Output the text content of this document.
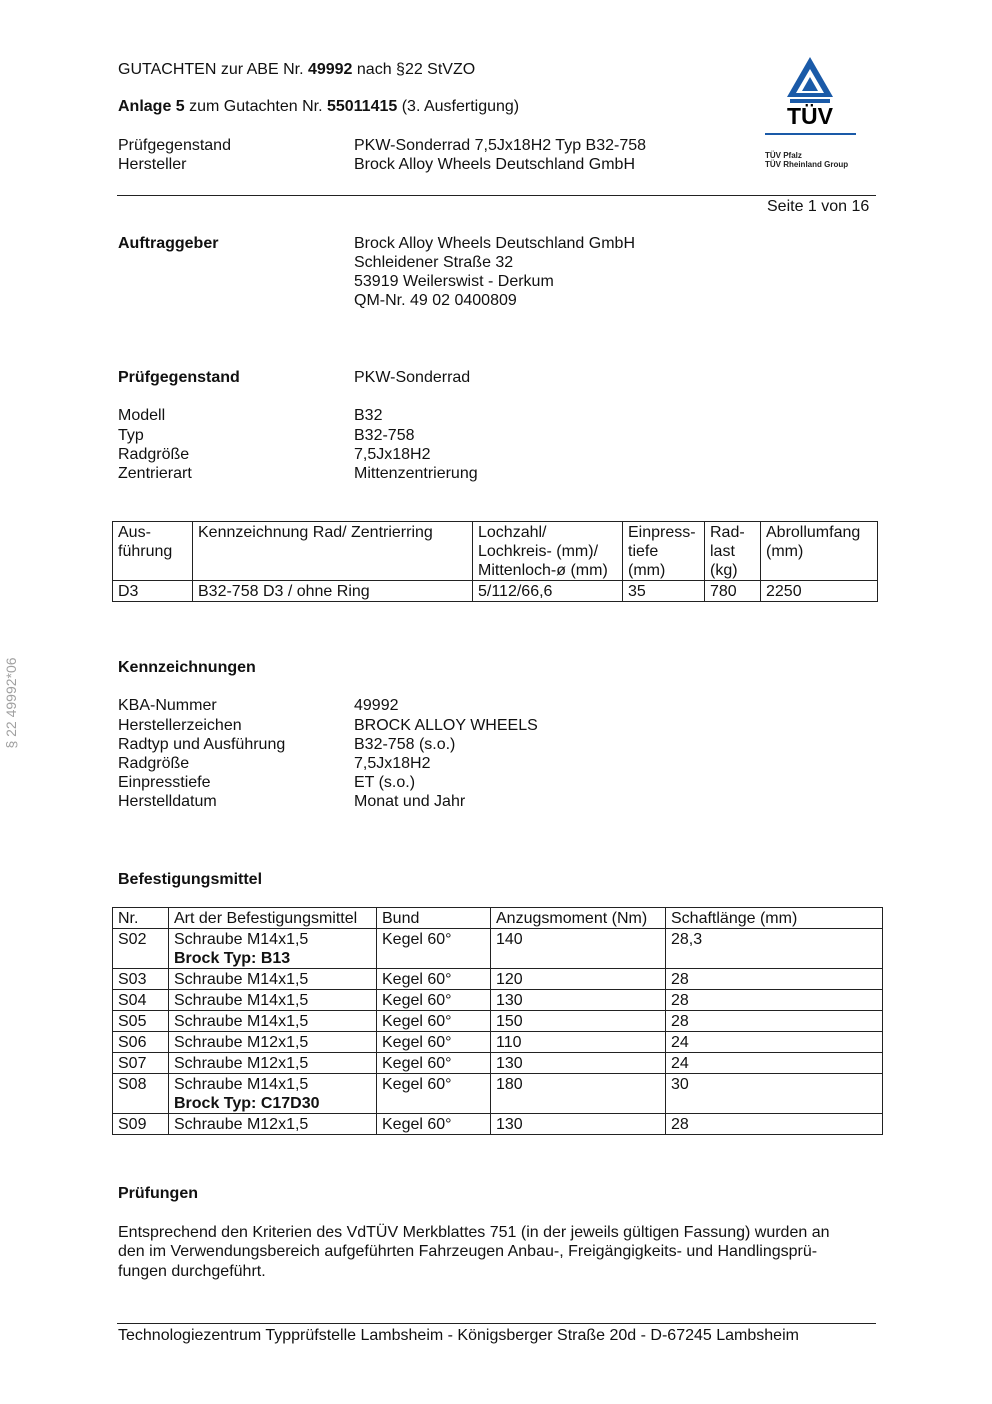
GUTACHTEN zur ABE Nr. 49992 nach §22 StVZO
Anlage 5 zum Gutachten Nr. 55011415 (3. Ausfertigung)
Prüfgegenstand	PKW-Sonderrad 7,5Jx18H2 Typ B32-758
Hersteller	Brock Alloy Wheels Deutschland GmbH
TÜV
TÜV Pfalz
TÜV Rheinland Group
Seite 1 von 16
§ 22 49992*06
Auftraggeber	Brock Alloy Wheels Deutschland GmbH
Schleidener Straße 32
53919 Weilerswist - Derkum
QM-Nr. 49 02 0400809
Prüfgegenstand	PKW-Sonderrad
Modell	B32
Typ	B32-758
Radgröße	7,5Jx18H2
Zentrierart	Mittenzentrierung
Aus-
führung	Kennzeichnung Rad/ Zentrierring	Lochzahl/
Lochkreis- (mm)/
Mittenloch-ø (mm)	Einpress-
tiefe
(mm)	Rad-
last
(kg)	Abrollumfang
(mm)
D3	B32-758 D3 / ohne Ring	5/112/66,6	35	780	2250
Kennzeichnungen
KBA-Nummer	49992
Herstellerzeichen	BROCK ALLOY WHEELS
Radtyp und Ausführung	B32-758 (s.o.)
Radgröße	7,5Jx18H2
Einpresstiefe	ET (s.o.)
Herstelldatum	Monat und Jahr
Befestigungsmittel
Nr.	Art der Befestigungsmittel	Bund	Anzugsmoment (Nm)	Schaftlänge (mm)
S02	Schraube M14x1,5
Brock Typ: B13	Kegel 60°	140	28,3
S03	Schraube M14x1,5	Kegel 60°	120	28
S04	Schraube M14x1,5	Kegel 60°	130	28
S05	Schraube M14x1,5	Kegel 60°	150	28
S06	Schraube M12x1,5	Kegel 60°	110	24
S07	Schraube M12x1,5	Kegel 60°	130	24
S08	Schraube M14x1,5
Brock Typ: C17D30	Kegel 60°	180	30
S09	Schraube M12x1,5	Kegel 60°	130	28
Prüfungen
Entsprechend den Kriterien des VdTÜV Merkblattes 751 (in der jeweils gültigen Fassung) wurden an
den im Verwendungsbereich aufgeführten Fahrzeugen Anbau-, Freigängigkeits- und Handlingsprü-
fungen durchgeführt.
Technologiezentrum Typprüfstelle Lambsheim - Königsberger Straße 20d - D-67245 Lambsheim
